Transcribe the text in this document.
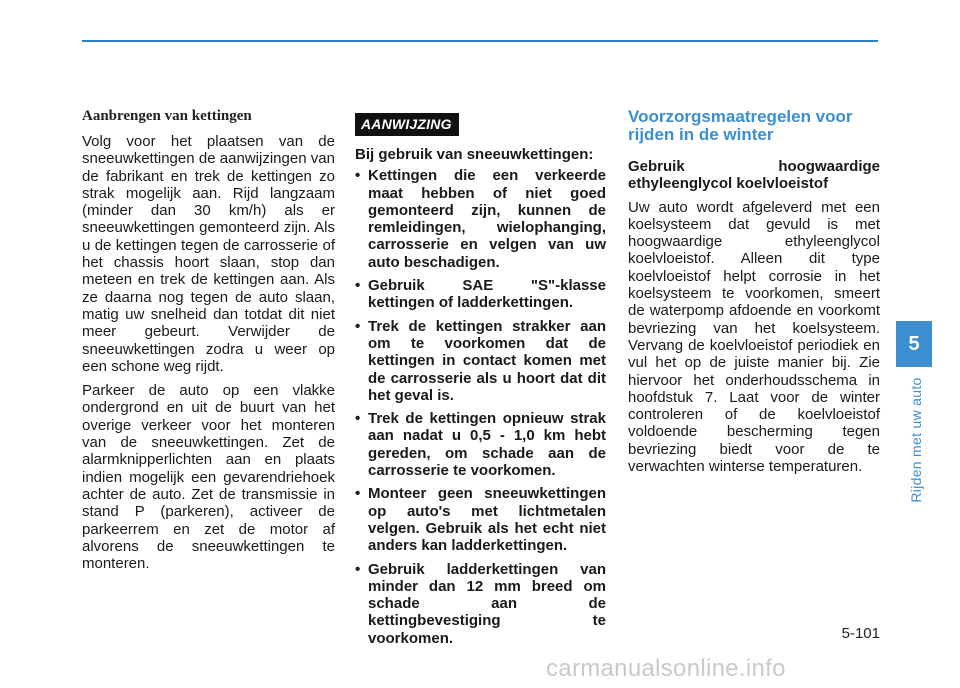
Aanbrengen van kettingen

Volg voor het plaatsen van de sneeuwkettingen de aanwijzingen van de fabrikant en trek de kettingen zo strak mogelijk aan. Rijd langzaam (minder dan 30 km/h) als er sneeuwkettingen gemonteerd zijn. Als u de kettingen tegen de carrosserie of het chassis hoort slaan, stop dan meteen en trek de kettingen aan. Als ze daarna nog tegen de auto slaan, matig uw snelheid dan totdat dit niet meer gebeurt. Verwijder de sneeuwkettingen zodra u weer op een schone weg rijdt.

Parkeer de auto op een vlakke ondergrond en uit de buurt van het overige verkeer voor het monteren van de sneeuwkettingen. Zet de alarmknipperlichten aan en plaats indien mogelijk een gevarendriehoek achter de auto. Zet de transmissie in stand P (parkeren), activeer de parkeerrem en zet de motor af alvorens de sneeuwkettingen te monteren.

AANWIJZING
Bij gebruik van sneeuwkettingen:
• Kettingen die een verkeerde maat hebben of niet goed gemonteerd zijn, kunnen de remleidingen, wielophanging, carrosserie en velgen van uw auto beschadigen.
• Gebruik SAE "S"-klasse kettingen of ladderkettingen.
• Trek de kettingen strakker aan om te voorkomen dat de kettingen in contact komen met de carrosserie als u hoort dat dit het geval is.
• Trek de kettingen opnieuw strak aan nadat u 0,5 - 1,0 km hebt gereden, om schade aan de carrosserie te voorkomen.
• Monteer geen sneeuwkettingen op auto's met lichtmetalen velgen. Gebruik als het echt niet anders kan ladderkettingen.
• Gebruik ladderkettingen van minder dan 12 mm breed om schade aan de kettingbevestiging te voorkomen.
Voorzorgsmaatregelen voor rijden in de winter
Gebruik hoogwaardige ethyleenglycol koelvloeistof

Uw auto wordt afgeleverd met een koelsysteem dat gevuld is met hoogwaardige ethyleenglycol koelvloeistof. Alleen dit type koelvloeistof helpt corrosie in het koelsysteem te voorkomen, smeert de waterpomp afdoende en voorkomt bevriezing van het koelsysteem. Vervang de koelvloeistof periodiek en vul het op de juiste manier bij. Zie hiervoor het onderhoudsschema in hoofdstuk 7. Laat voor de winter controleren of de koelvloeistof voldoende bescherming tegen bevriezing biedt voor de te verwachten winterse temperaturen.

5
Rijden met uw auto
5-101
carmanualsonline.info
